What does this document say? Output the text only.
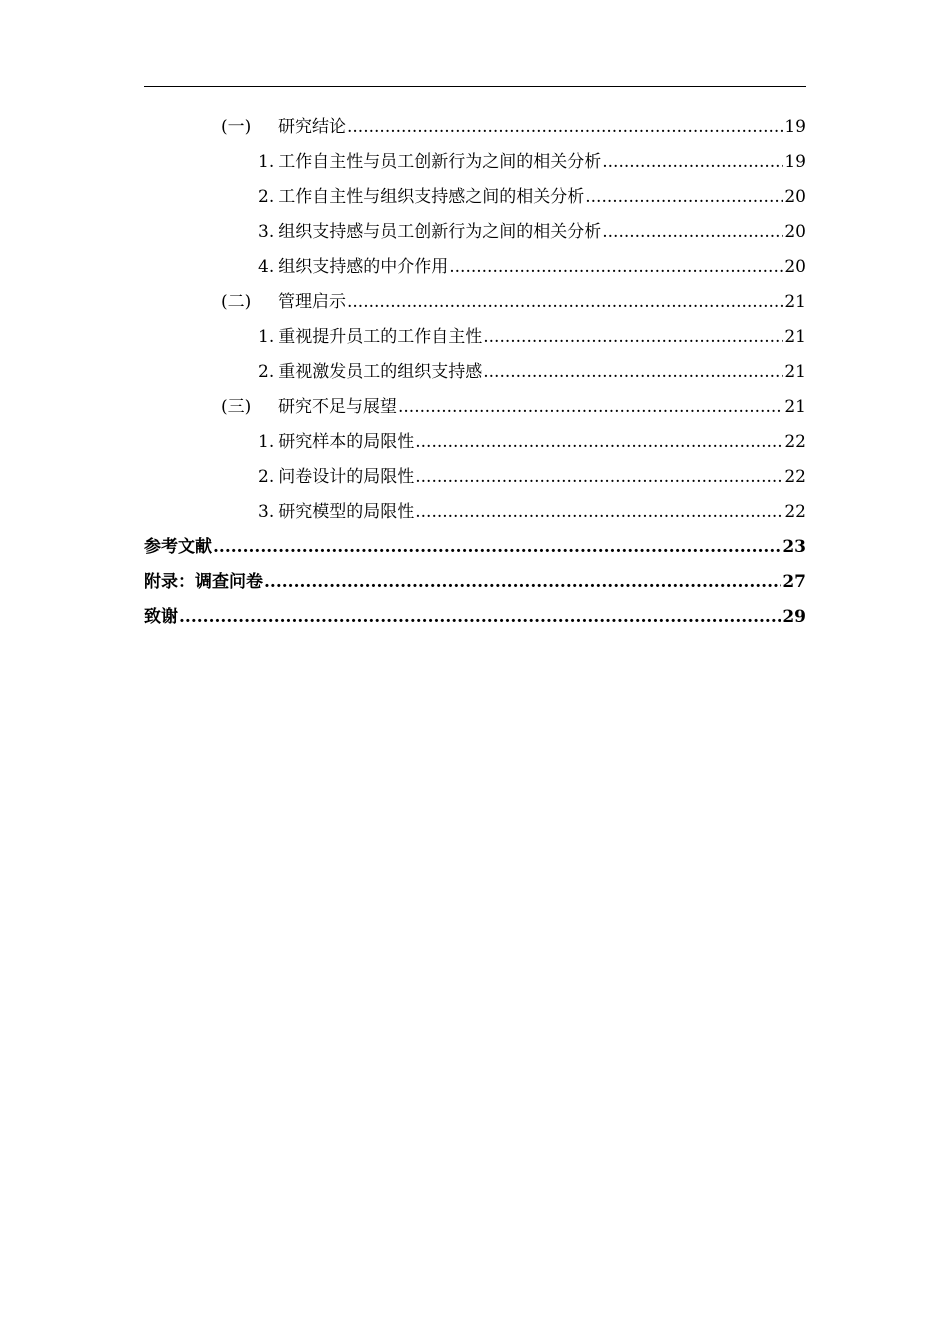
(一)	研究结论 .....	19
1. 工作自主性与员工创新行为之间的相关分析 .....	19
2. 工作自主性与组织支持感之间的相关分析 .....	20
3. 组织支持感与员工创新行为之间的相关分析 .....	20
4. 组织支持感的中介作用 .....	20
(二)	管理启示 .....	21
1. 重视提升员工的工作自主性 .....	21
2. 重视激发员工的组织支持感 .....	21
(三)	研究不足与展望 .....	21
1. 研究样本的局限性 .....	22
2. 问卷设计的局限性 .....	22
3. 研究模型的局限性 .....	22
参考文献 .....	23
附录：调查问卷 .....	27
致谢 .....	29
